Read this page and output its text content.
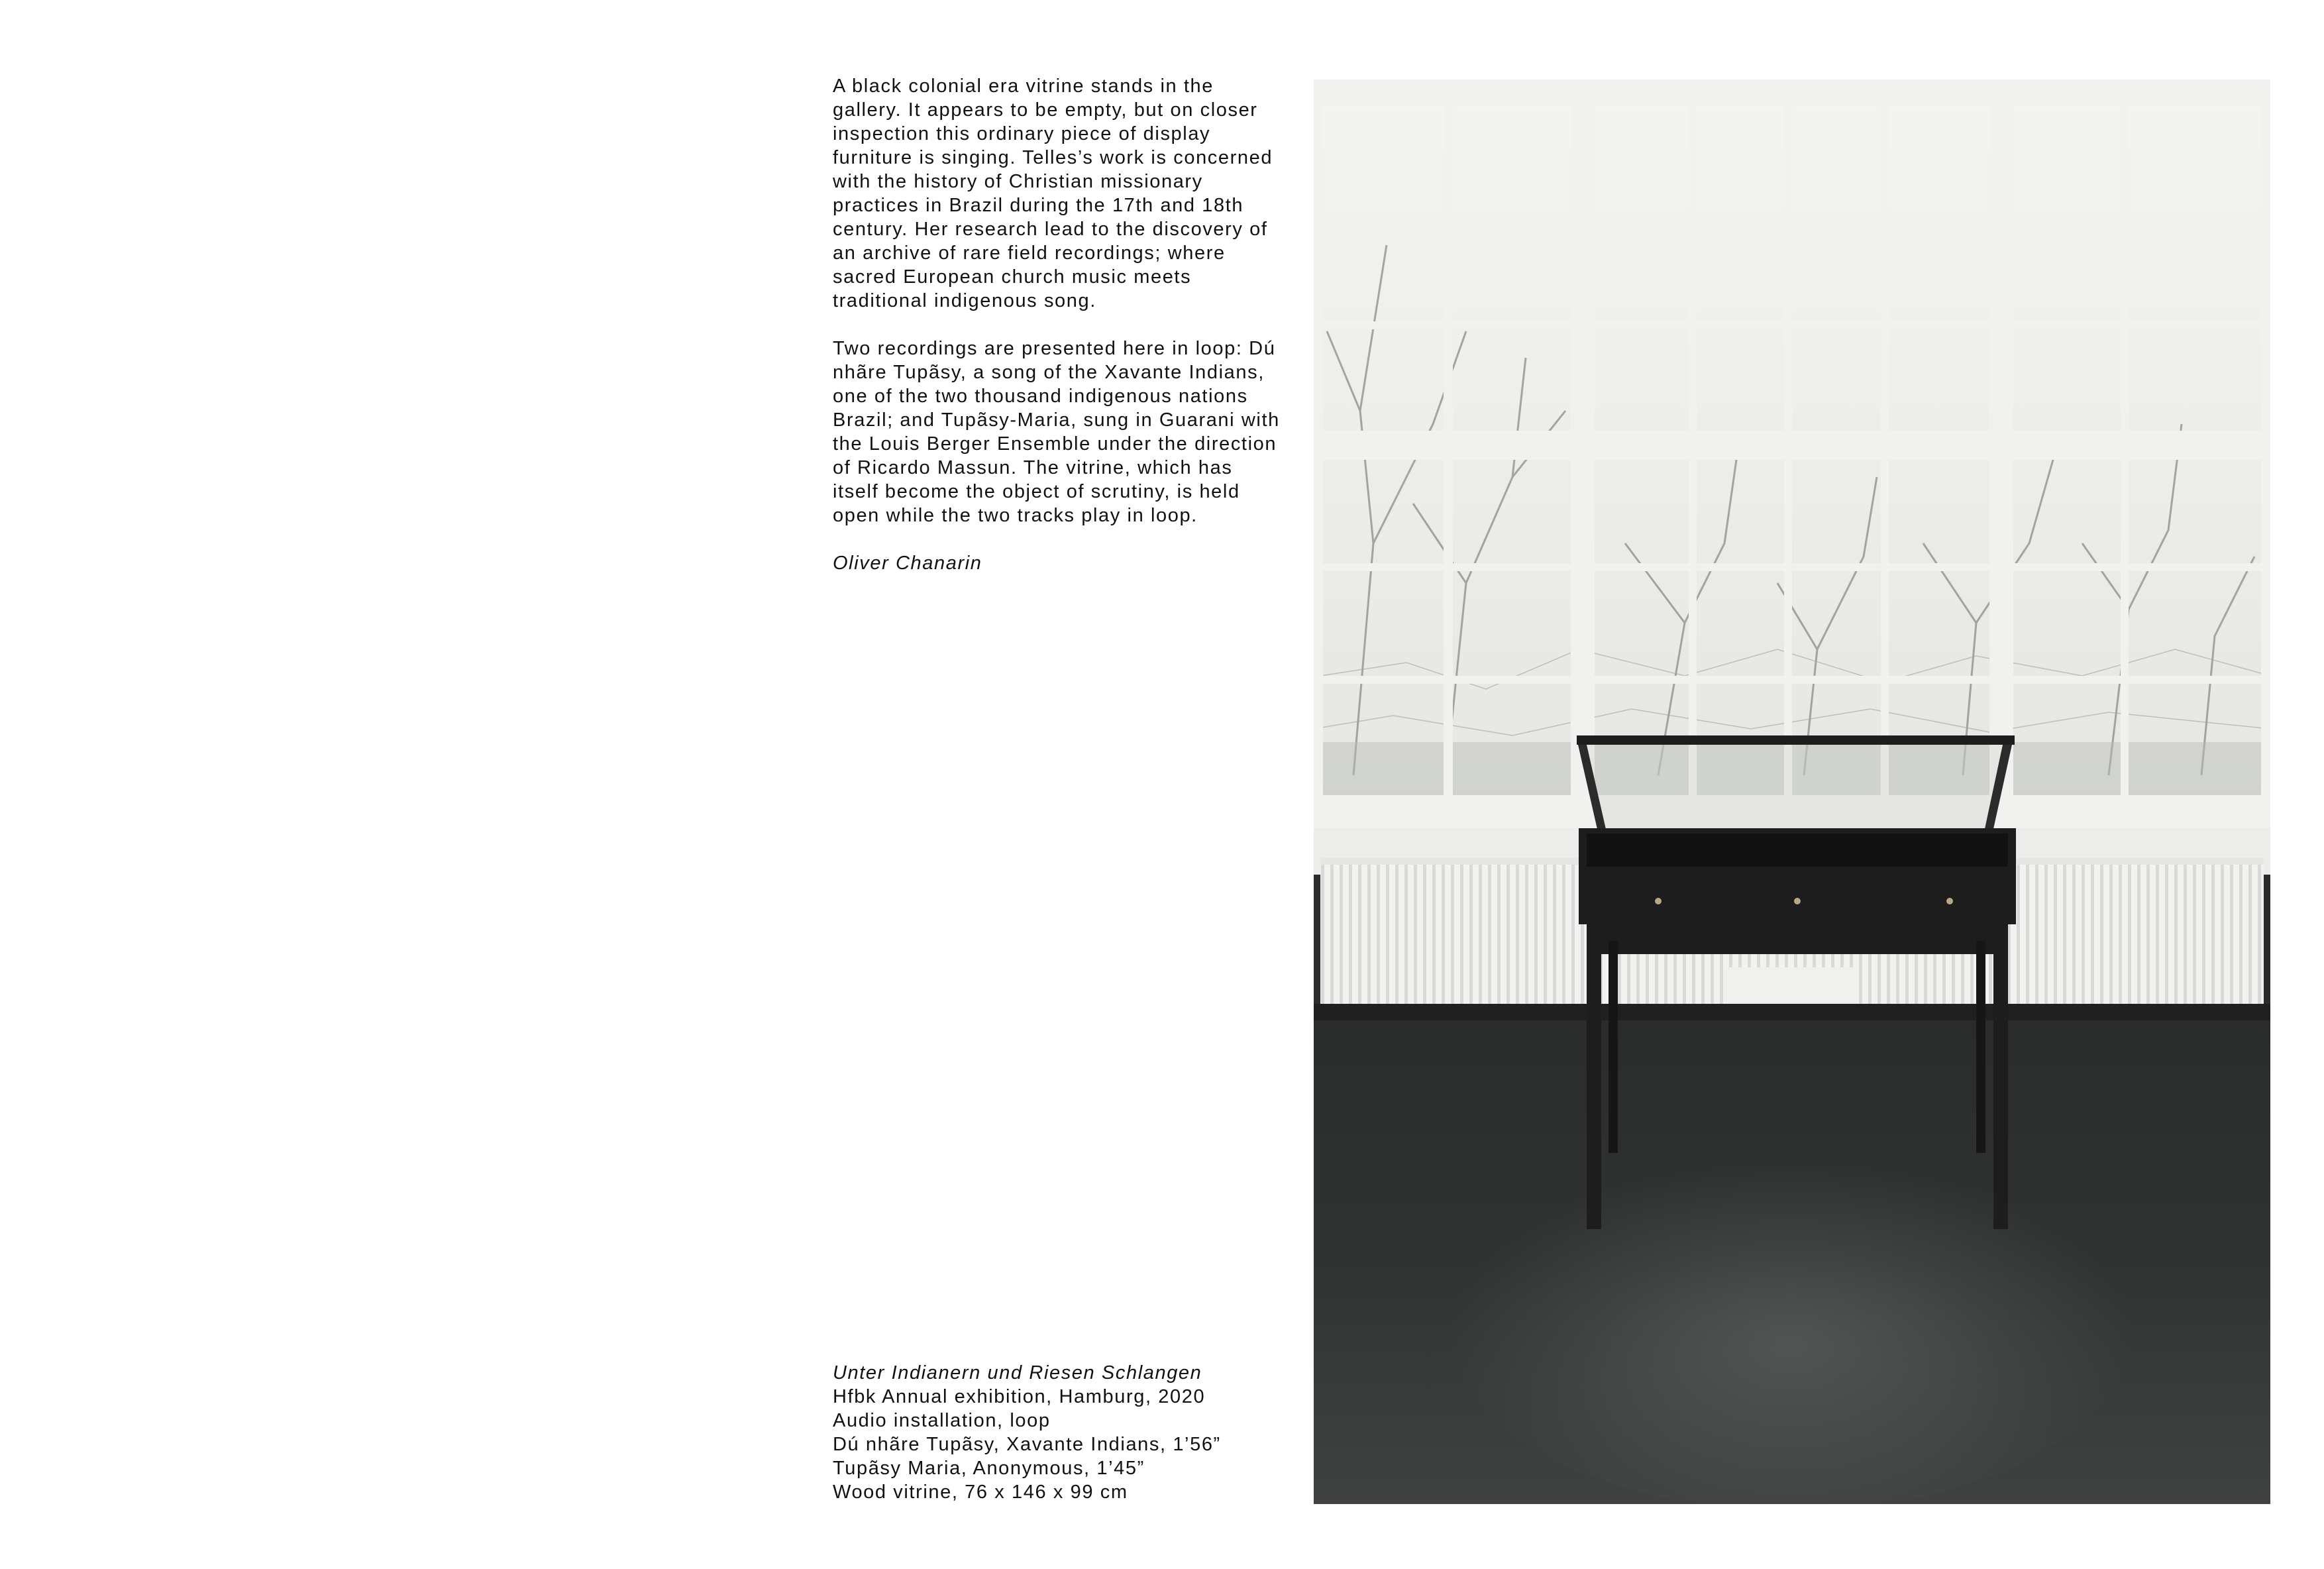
A black colonial era vitrine stands in the gallery. It appears to be empty, but on closer inspection this ordinary piece of display furniture is singing. Telles’s work is concerned with the history of Christian missionary practices in Brazil during the 17th and 18th century. Her research lead to the discovery of an archive of rare field recordings; where sacred European church music meets traditional indigenous song.

Two recordings are presented here in loop: Dú nhãre Tupãsy, a song of the Xavante Indians, one of the two thousand indigenous nations Brazil; and Tupãsy-Maria, sung in Guarani with the Louis Berger Ensemble under the direction of Ricardo Massun. The vitrine, which has itself become the object of scrutiny, is held open while the two tracks play in loop.

Oliver Chanarin

Unter Indianern und Riesen Schlangen
Hfbk Annual exhibition, Hamburg, 2020
Audio installation, loop
Dú nhãre Tupãsy, Xavante Indians, 1’56”
Tupãsy Maria, Anonymous, 1’45”
Wood vitrine, 76 x 146 x 99 cm
